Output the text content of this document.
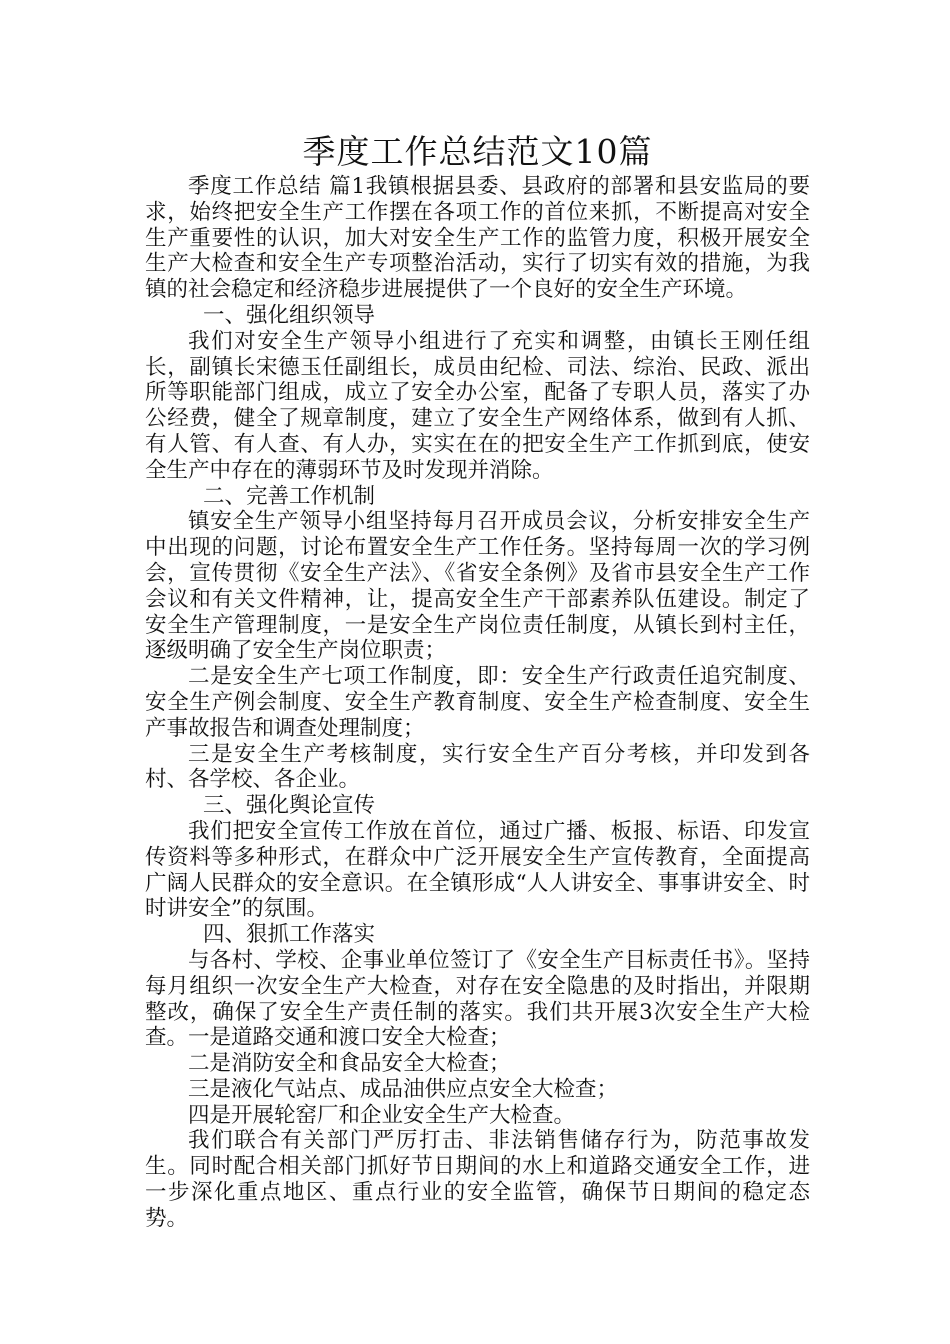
季度工作总结范文10篇

季度工作总结 篇1我镇根据县委、县政府的部署和县安监局的要求，始终把安全生产工作摆在各项工作的首位来抓，不断提高对安全生产重要性的认识，加大对安全生产工作的监管力度，积极开展安全生产大检查和安全生产专项整治活动，实行了切实有效的措施，为我镇的社会稳定和经济稳步进展提供了一个良好的安全生产环境。

一、强化组织领导

我们对安全生产领导小组进行了充实和调整，由镇长王刚任组长，副镇长宋德玉任副组长，成员由纪检、司法、综治、民政、派出所等职能部门组成，成立了安全办公室，配备了专职人员，落实了办公经费，健全了规章制度，建立了安全生产网络体系，做到有人抓、有人管、有人查、有人办，实实在在的把安全生产工作抓到底，使安全生产中存在的薄弱环节及时发现并消除。

二、完善工作机制

镇安全生产领导小组坚持每月召开成员会议，分析安排安全生产中出现的问题，讨论布置安全生产工作任务。坚持每周一次的学习例会，宣传贯彻《安全生产法》、《省安全条例》及省市县安全生产工作会议和有关文件精神，让，提高安全生产干部素养队伍建设。制定了安全生产管理制度，一是安全生产岗位责任制度，从镇长到村主任，逐级明确了安全生产岗位职责；

二是安全生产七项工作制度，即：安全生产行政责任追究制度、安全生产例会制度、安全生产教育制度、安全生产检查制度、安全生产事故报告和调查处理制度；

三是安全生产考核制度，实行安全生产百分考核，并印发到各村、各学校、各企业。

三、强化舆论宣传

我们把安全宣传工作放在首位，通过广播、板报、标语、印发宣传资料等多种形式，在群众中广泛开展安全生产宣传教育，全面提高广阔人民群众的安全意识。在全镇形成“人人讲安全、事事讲安全、时时讲安全”的氛围。

四、狠抓工作落实

与各村、学校、企事业单位签订了《安全生产目标责任书》。坚持每月组织一次安全生产大检查，对存在安全隐患的及时指出，并限期整改，确保了安全生产责任制的落实。我们共开展3次安全生产大检查。一是道路交通和渡口安全大检查；

二是消防安全和食品安全大检查；

三是液化气站点、成品油供应点安全大检查；

四是开展轮窑厂和企业安全生产大检查。

我们联合有关部门严厉打击、非法销售储存行为，防范事故发生。同时配合相关部门抓好节日期间的水上和道路交通安全工作，进一步深化重点地区、重点行业的安全监管，确保节日期间的稳定态势。
